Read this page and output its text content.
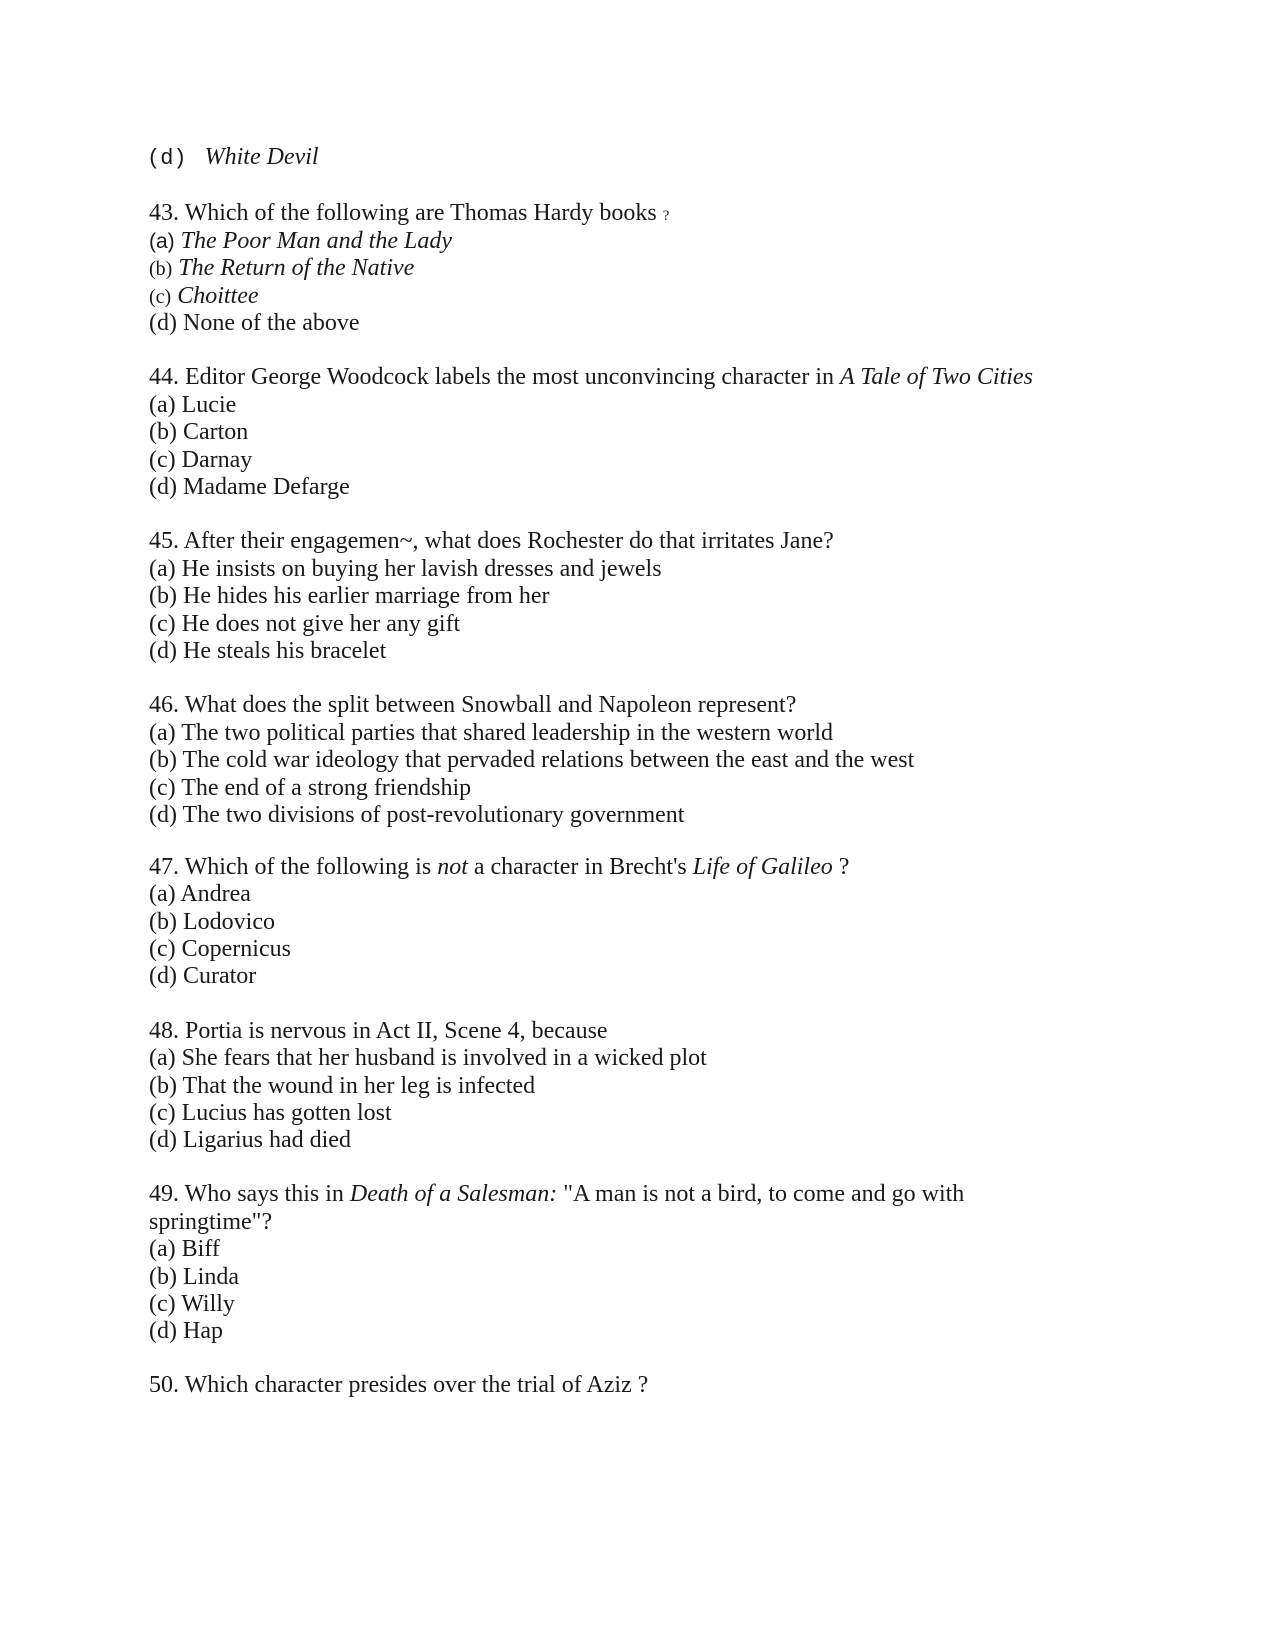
(d) White Devil
43. Which of the following are Thomas Hardy books ?
(a) The Poor Man and the Lady
(b) The Return of the Native
(c) Choittee
(d) None of the above
44. Editor George Woodcock labels the most unconvincing character in A Tale of Two Cities
(a) Lucie
(b) Carton
(c) Darnay
(d) Madame Defarge
45. After their engagemen~, what does Rochester do that irritates Jane?
(a) He insists on buying her lavish dresses and jewels
(b) He hides his earlier marriage from her
(c) He does not give her any gift
(d) He steals his bracelet
46. What does the split between Snowball and Napoleon represent?
(a) The two political parties that shared leadership in the western world
(b) The cold war ideology that pervaded relations between the east and the west
(c) The end of a strong friendship
(d) The two divisions of post-revolutionary government
47. Which of the following is not a character in Brecht's Life of Galileo ?
(a) Andrea
(b) Lodovico
(c) Copernicus
(d) Curator
48. Portia is nervous in Act II, Scene 4, because
(a) She fears that her husband is involved in a wicked plot
(b) That the wound in her leg is infected
(c) Lucius has gotten lost
(d) Ligarius had died
49. Who says this in Death of a Salesman: "A man is not a bird, to come and go with
springtime"?
(a) Biff
(b) Linda
(c) Willy
(d) Hap
50. Which character presides over the trial of Aziz ?
